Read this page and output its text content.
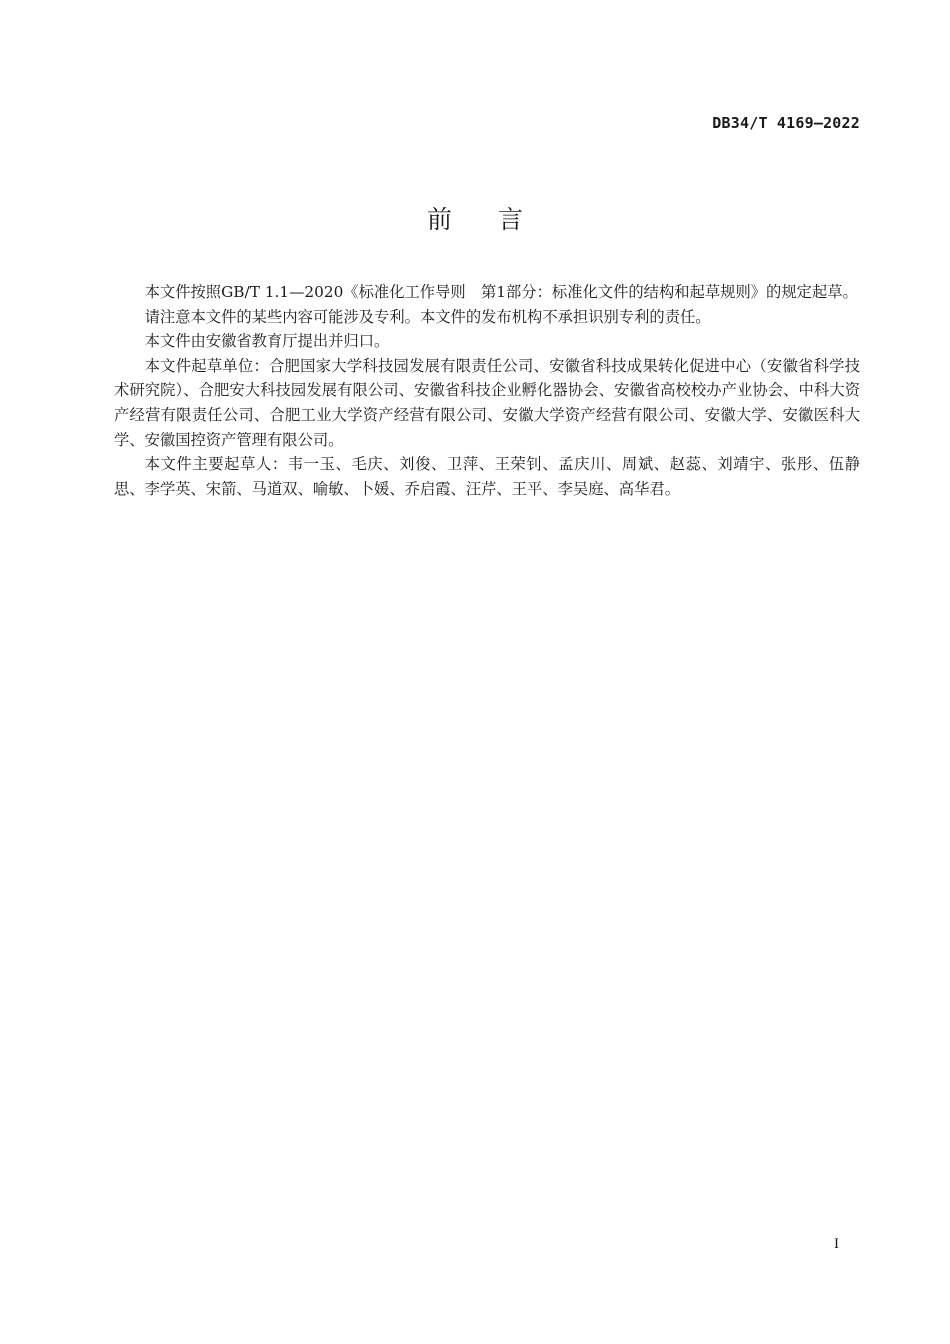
DB34/T 4169—2022
前言

本文件按照GB/T 1.1—2020《标准化工作导则　第1部分：标准化文件的结构和起草规则》的规定起草。

请注意本文件的某些内容可能涉及专利。本文件的发布机构不承担识别专利的责任。

本文件由安徽省教育厅提出并归口。

本文件起草单位：合肥国家大学科技园发展有限责任公司、安徽省科技成果转化促进中心（安徽省科学技术研究院）、合肥安大科技园发展有限公司、安徽省科技企业孵化器协会、安徽省高校校办产业协会、中科大资产经营有限责任公司、合肥工业大学资产经营有限公司、安徽大学资产经营有限公司、安徽大学、安徽医科大学、安徽国控资产管理有限公司。

本文件主要起草人：韦一玉、毛庆、刘俊、卫萍、王荣钊、孟庆川、周斌、赵蕊、刘靖宇、张彤、伍静思、李学英、宋箭、马道双、喻敏、卜媛、乔启霞、汪芹、王平、李吴庭、高华君。

I
